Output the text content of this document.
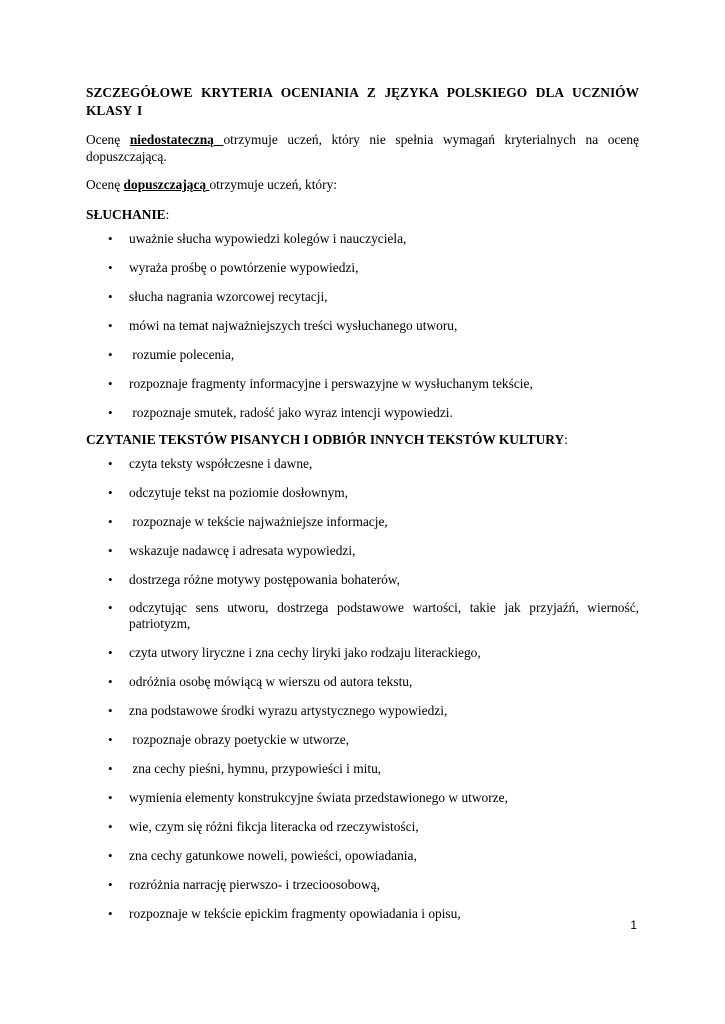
SZCZEGÓŁOWE KRYTERIA OCENIANIA Z JĘZYKA POLSKIEGO DLA UCZNIÓW KLASY I

Ocenę niedostateczną otrzymuje uczeń, który nie spełnia wymagań kryterialnych na ocenę dopuszczającą.

Ocenę dopuszczającą otrzymuje uczeń, który:

SŁUCHANIE:

• uważnie słucha wypowiedzi kolegów i nauczyciela,
• wyraża prośbę o powtórzenie wypowiedzi,
• słucha nagrania wzorcowej recytacji,
• mówi na temat najważniejszych treści wysłuchanego utworu,
• rozumie polecenia,
• rozpoznaje fragmenty informacyjne i perswazyjne w wysłuchanym tekście,
• rozpoznaje smutek, radość jako wyraz intencji wypowiedzi.

CZYTANIE TEKSTÓW PISANYCH I ODBIÓR INNYCH TEKSTÓW KULTURY:

• czyta teksty współczesne i dawne,
• odczytuje tekst na poziomie dosłownym,
• rozpoznaje w tekście najważniejsze informacje,
• wskazuje nadawcę i adresata wypowiedzi,
• dostrzega różne motywy postępowania bohaterów,
• odczytując sens utworu, dostrzega podstawowe wartości, takie jak przyjaźń, wierność, patriotyzm,
• czyta utwory liryczne i zna cechy liryki jako rodzaju literackiego,
• odróżnia osobę mówiącą w wierszu od autora tekstu,
• zna podstawowe środki wyrazu artystycznego wypowiedzi,
• rozpoznaje obrazy poetyckie w utworze,
• zna cechy pieśni, hymnu, przypowieści i mitu,
• wymienia elementy konstrukcyjne świata przedstawionego w utworze,
• wie, czym się różni fikcja literacka od rzeczywistości,
• zna cechy gatunkowe noweli, powieści, opowiadania,
• rozróżnia narrację pierwszo- i trzecioosobową,
• rozpoznaje w tekście epickim fragmenty opowiadania i opisu,
1
